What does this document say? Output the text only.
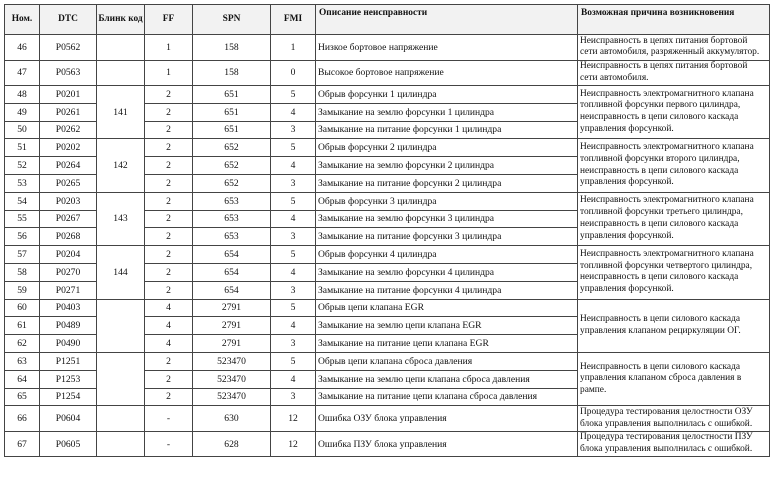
Ном.	DTC	Блинк код	FF	SPN	FMI	Описание неисправности	Возможная причина возникновения
46	P0562		1	158	1	Низкое бортовое напряжение	Неисправность в цепях питания бортовой сети автомобиля, разряженный аккумулятор.
47	P0563		1	158	0	Высокое бортовое напряжение	Неисправность в цепях питания бортовой сети автомобиля.
48	P0201	141	2	651	5	Обрыв форсунки 1 цилиндра	Неисправность электромагнитного клапана топливной форсунки первого цилиндра, неисправность в цепи силового каскада управления форсункой.
49	P0261		2	651	4	Замыкание на землю форсунки 1 цилиндра	
50	P0262		2	651	3	Замыкание на питание форсунки 1 цилиндра	
51	P0202	142	2	652	5	Обрыв форсунки 2 цилиндра	Неисправность электромагнитного клапана топливной форсунки второго цилиндра, неисправность в цепи силового каскада управления форсункой.
52	P0264		2	652	4	Замыкание на землю форсунки 2 цилиндра	
53	P0265		2	652	3	Замыкание на питание форсунки 2 цилиндра	
54	P0203	143	2	653	5	Обрыв форсунки 3 цилиндра	Неисправность электромагнитного клапана топливной форсунки третьего цилиндра, неисправность в цепи силового каскада управления форсункой.
55	P0267		2	653	4	Замыкание на землю форсунки 3 цилиндра	
56	P0268		2	653	3	Замыкание на питание форсунки 3 цилиндра	
57	P0204	144	2	654	5	Обрыв форсунки 4 цилиндра	Неисправность электромагнитного клапана топливной форсунки четвертого цилиндра, неисправность в цепи силового каскада управления форсункой.
58	P0270		2	654	4	Замыкание на землю форсунки 4 цилиндра	
59	P0271		2	654	3	Замыкание на питание форсунки 4 цилиндра	
60	P0403		4	2791	5	Обрыв цепи клапана EGR	Неисправность в цепи силового каскада управления клапаном рециркуляции ОГ.
61	P0489		4	2791	4	Замыкание на землю цепи клапана EGR	
62	P0490		4	2791	3	Замыкание на питание цепи клапана EGR	
63	P1251		2	523470	5	Обрыв цепи клапана сброса давления	Неисправность в цепи силового каскада управления клапаном сброса давления в рампе.
64	P1253		2	523470	4	Замыкание на землю цепи клапана сброса давления	
65	P1254		2	523470	3	Замыкание на питание цепи клапана сброса давления	
66	P0604		-	630	12	Ошибка ОЗУ блока управления	Процедура тестирования целостности ОЗУ блока управления выполнилась с ошибкой.
67	P0605		-	628	12	Ошибка ПЗУ блока управления	Процедура тестирования целостности ПЗУ блока управления выполнилась с ошибкой.
